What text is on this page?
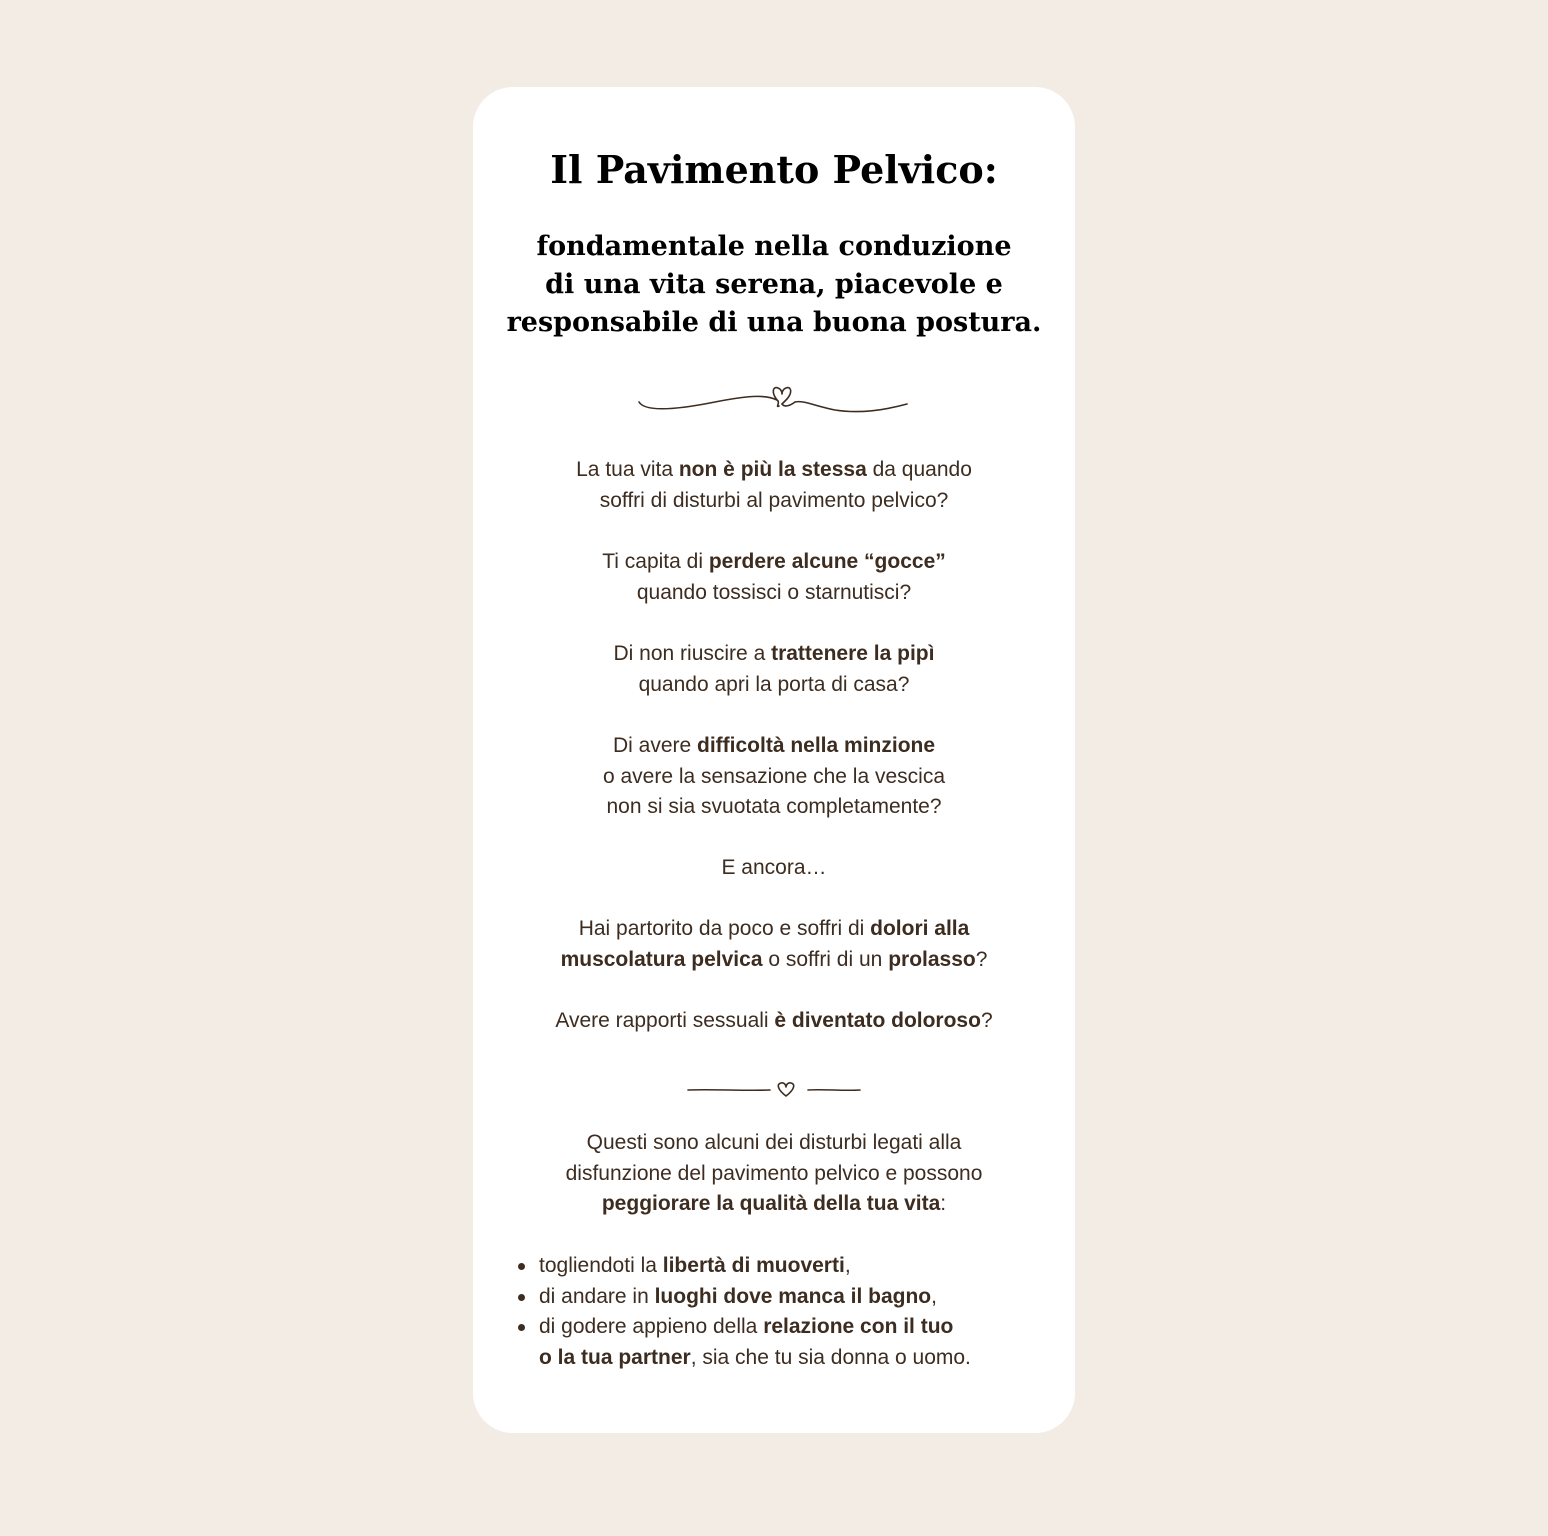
Il Pavimento Pelvico:
fondamentale nella conduzione
di una vita serena, piacevole e
responsabile di una buona postura.

La tua vita non è più la stessa da quando
soffri di disturbi al pavimento pelvico?

Ti capita di perdere alcune “gocce”
quando tossisci o starnutisci?

Di non riuscire a trattenere la pipì
quando apri la porta di casa?

Di avere difficoltà nella minzione
o avere la sensazione che la vescica
non si sia svuotata completamente?

E ancora…

Hai partorito da poco e soffri di dolori alla
muscolatura pelvica o soffri di un prolasso?

Avere rapporti sessuali è diventato doloroso?

Questi sono alcuni dei disturbi legati alla
disfunzione del pavimento pelvico e possono
peggiorare la qualità della tua vita:

togliendoti la libertà di muoverti,
di andare in luoghi dove manca il bagno,
di godere appieno della relazione con il tuo
o la tua partner, sia che tu sia donna o uomo.
